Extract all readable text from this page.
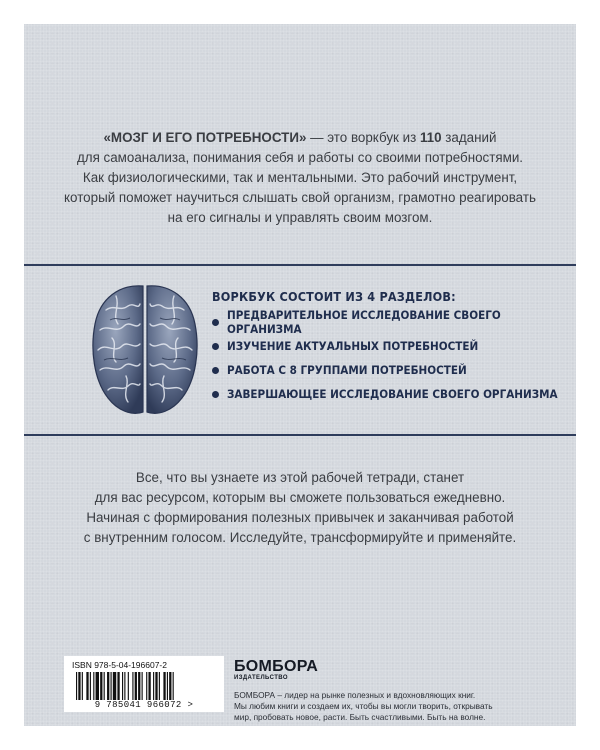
«МОЗГ И ЕГО ПОТРЕБНОСТИ» — это воркбук из 110 заданий
для самоанализа, понимания себя и работы со своими потребностями.
Как физиологическими, так и ментальными. Это рабочий инструмент,
который поможет научиться слышать свой организм, грамотно реагировать
на его сигналы и управлять своим мозгом.
ВОРКБУК СОСТОИТ ИЗ 4 РАЗДЕЛОВ:
ПРЕДВАРИТЕЛЬНОЕ ИССЛЕДОВАНИЕ СВОЕГО ОРГАНИЗМА
ИЗУЧЕНИЕ АКТУАЛЬНЫХ ПОТРЕБНОСТЕЙ
РАБОТА С 8 ГРУППАМИ ПОТРЕБНОСТЕЙ
ЗАВЕРШАЮЩЕЕ ИССЛЕДОВАНИЕ СВОЕГО ОРГАНИЗМА
Все, что вы узнаете из этой рабочей тетради, станет
для вас ресурсом, которым вы сможете пользоваться ежедневно.
Начиная с формирования полезных привычек и заканчивая работой
с внутренним голосом. Исследуйте, трансформируйте и применяйте.
ISBN 978-5-04-196607-2
9 785041 966072 >
БОМБОРА
ИЗДАТЕЛЬСТВО
БОМБОРА – лидер на рынке полезных и вдохновляющих книг.
Мы любим книги и создаем их, чтобы вы могли творить, открывать
мир, пробовать новое, расти. Быть счастливыми. Быть на волне.
